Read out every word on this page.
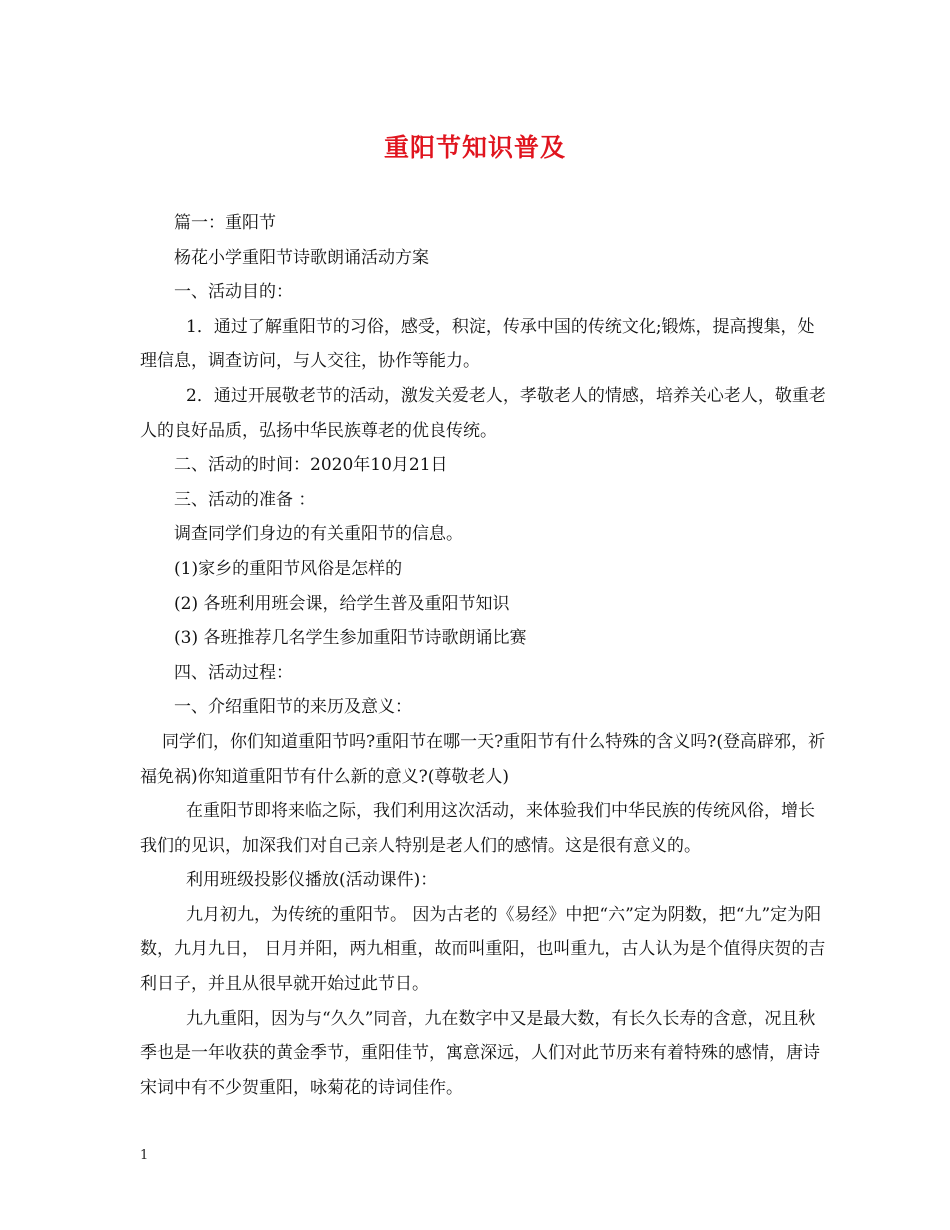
重阳节知识普及

篇一：重阳节

杨花小学重阳节诗歌朗诵活动方案

一、活动目的：

1．通过了解重阳节的习俗，感受，积淀，传承中国的传统文化;锻炼，提高搜集，处理信息，调查访问，与人交往，协作等能力。

2．通过开展敬老节的活动，激发关爱老人，孝敬老人的情感，培养关心老人，敬重老人的良好品质，弘扬中华民族尊老的优良传统。

二、活动的时间：2020年10月21日

三、活动的准备 ：

调查同学们身边的有关重阳节的信息。

(1)家乡的重阳节风俗是怎样的

(2) 各班利用班会课，给学生普及重阳节知识

(3) 各班推荐几名学生参加重阳节诗歌朗诵比赛

四、活动过程：

一、介绍重阳节的来历及意义：

同学们，你们知道重阳节吗?重阳节在哪一天?重阳节有什么特殊的含义吗?(登高辟邪，祈福免祸)你知道重阳节有什么新的意义?(尊敬老人)

在重阳节即将来临之际，我们利用这次活动，来体验我们中华民族的传统风俗，增长我们的见识，加深我们对自己亲人特别是老人们的感情。这是很有意义的。

利用班级投影仪播放(活动课件)：

九月初九，为传统的重阳节。 因为古老的《易经》中把“六”定为阴数，把“九”定为阳数，九月九日， 日月并阳，两九相重，故而叫重阳，也叫重九，古人认为是个值得庆贺的吉利日子，并且从很早就开始过此节日。

九九重阳，因为与“久久”同音，九在数字中又是最大数，有长久长寿的含意，况且秋季也是一年收获的黄金季节，重阳佳节，寓意深远，人们对此节历来有着特殊的感情，唐诗宋词中有不少贺重阳，咏菊花的诗词佳作。

1
